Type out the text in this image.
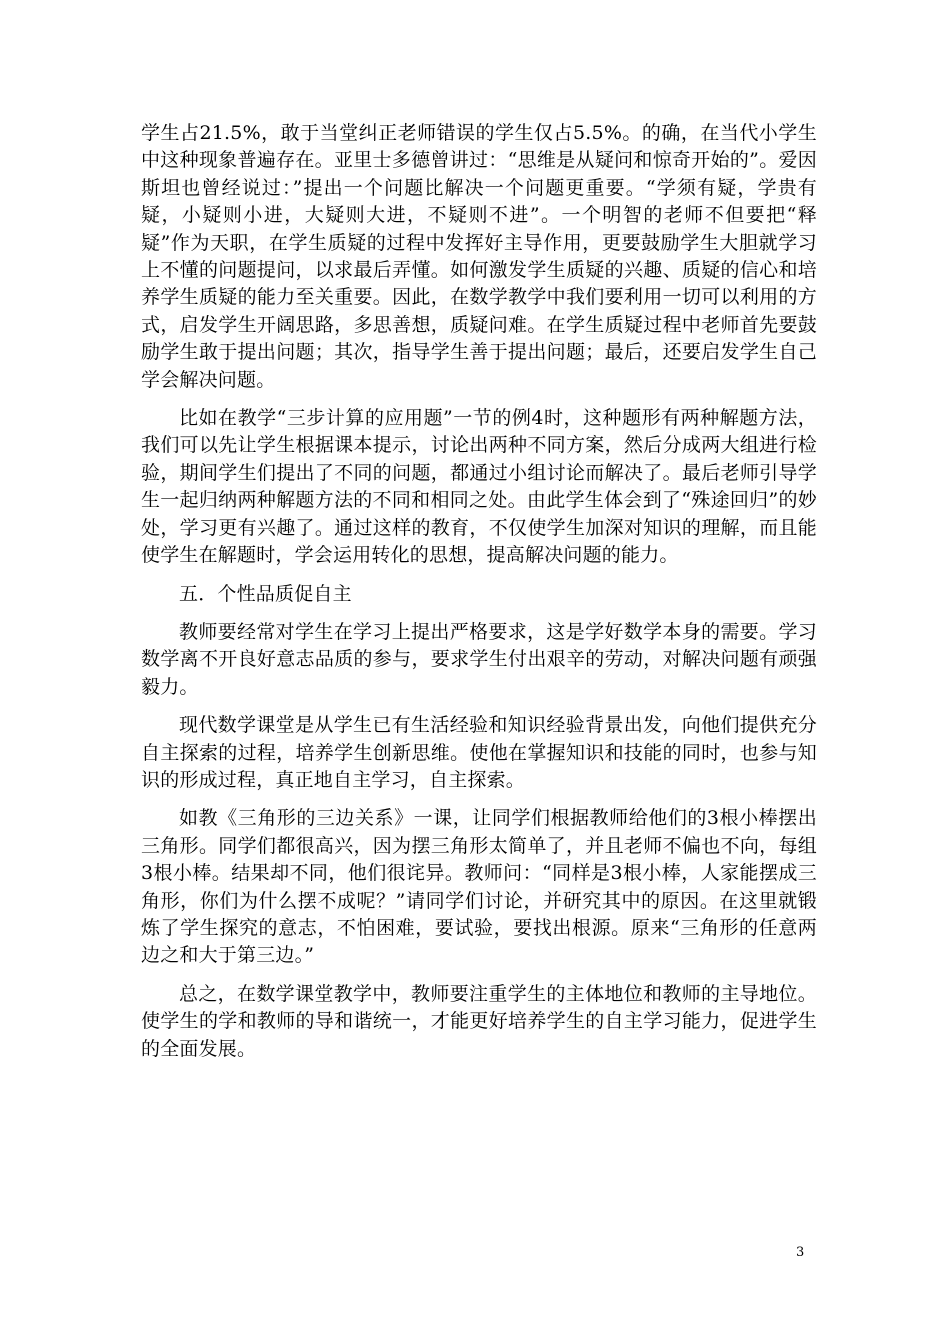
学生占21.5%，敢于当堂纠正老师错误的学生仅占5.5%。的确，在当代小学生中这种现象普遍存在。亚里士多德曾讲过：“思维是从疑问和惊奇开始的”。爱因斯坦也曾经说过：”提出一个问题比解决一个问题更重要。“学须有疑，学贵有疑，小疑则小进，大疑则大进，不疑则不进”。一个明智的老师不但要把“释疑”作为天职，在学生质疑的过程中发挥好主导作用，更要鼓励学生大胆就学习上不懂的问题提问，以求最后弄懂。如何激发学生质疑的兴趣、质疑的信心和培养学生质疑的能力至关重要。因此，在数学教学中我们要利用一切可以利用的方式，启发学生开阔思路，多思善想，质疑问难。在学生质疑过程中老师首先要鼓励学生敢于提出问题；其次，指导学生善于提出问题；最后，还要启发学生自己学会解决问题。

比如在教学“三步计算的应用题”一节的例4时，这种题形有两种解题方法，我们可以先让学生根据课本提示，讨论出两种不同方案，然后分成两大组进行检验，期间学生们提出了不同的问题，都通过小组讨论而解决了。最后老师引导学生一起归纳两种解题方法的不同和相同之处。由此学生体会到了“殊途回归”的妙处，学习更有兴趣了。通过这样的教育，不仅使学生加深对知识的理解，而且能使学生在解题时，学会运用转化的思想，提高解决问题的能力。

五．个性品质促自主

教师要经常对学生在学习上提出严格要求，这是学好数学本身的需要。学习数学离不开良好意志品质的参与，要求学生付出艰辛的劳动，对解决问题有顽强毅力。

现代数学课堂是从学生已有生活经验和知识经验背景出发，向他们提供充分自主探索的过程，培养学生创新思维。使他在掌握知识和技能的同时，也参与知识的形成过程，真正地自主学习，自主探索。

如教《三角形的三边关系》一课，让同学们根据教师给他们的3根小棒摆出三角形。同学们都很高兴，因为摆三角形太简单了，并且老师不偏也不向，每组3根小棒。结果却不同，他们很诧异。教师问：“同样是3根小棒，人家能摆成三角形，你们为什么摆不成呢？”请同学们讨论，并研究其中的原因。在这里就锻炼了学生探究的意志，不怕困难，要试验，要找出根源。原来“三角形的任意两边之和大于第三边。”

总之，在数学课堂教学中，教师要注重学生的主体地位和教师的主导地位。使学生的学和教师的导和谐统一，才能更好培养学生的自主学习能力，促进学生的全面发展。

3
